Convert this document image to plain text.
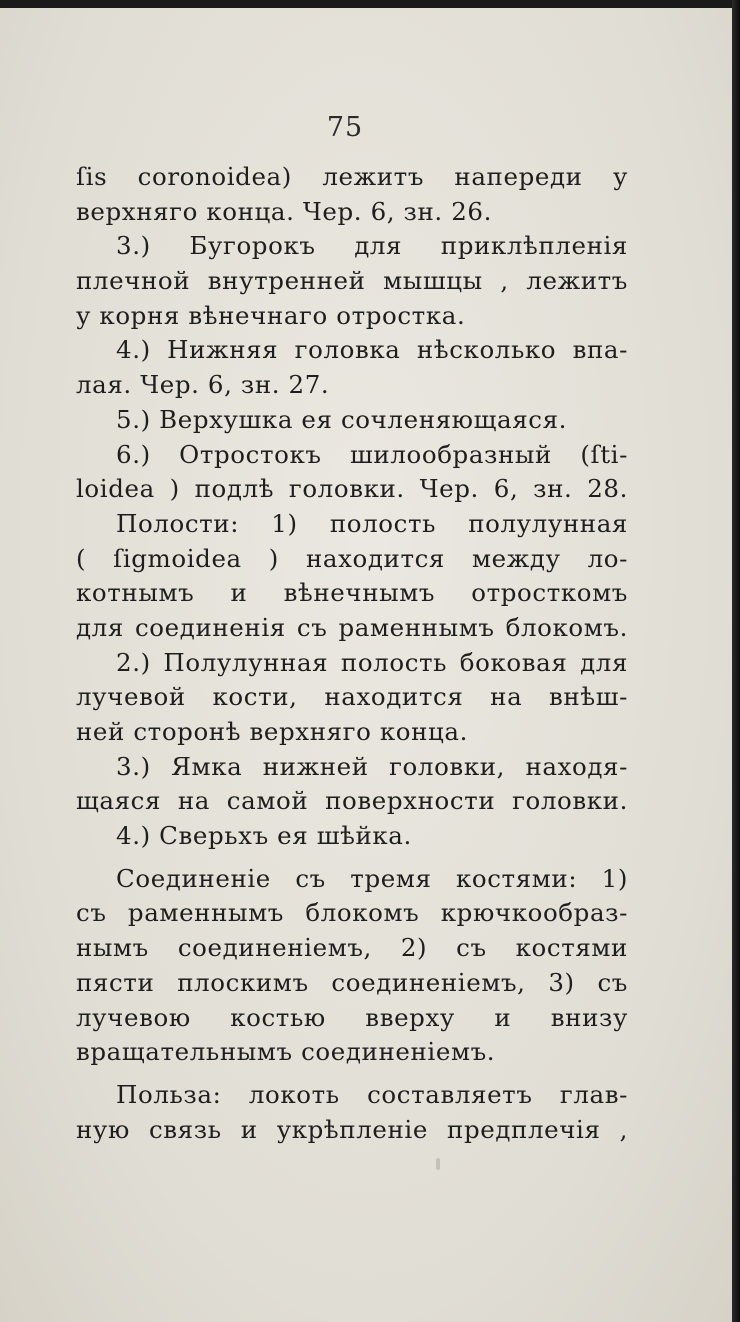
75
ſis coronoidea) лежитъ напереди у
верхняго конца. Чер. 6, зн. 26.
3.) Бугорокъ для приклѣпленія
плечной внутренней мышцы , лежитъ
у корня вѣнечнаго отростка.
4.) Нижняя головка нѣсколько впа-
лая. Чер. 6, зн. 27.
5.) Верхушка ея сочленяющаяся.
6.) Отростокъ шилообразный (ſti-
loidea ) подлѣ головки. Чер. 6, зн. 28.
Полости: 1) полость полулунная
( ſigmoidea ) находится между ло-
котнымъ и вѣнечнымъ отросткомъ
для соединенія съ раменнымъ блокомъ.
2.) Полулунная полость боковая для
лучевой кости, находится на внѣш-
ней сторонѣ верхняго конца.
3.) Ямка нижней головки, находя-
щаяся на самой поверхности головки.
4.) Сверьхъ ея шѣйка.
Соединеніе съ тремя костями: 1)
съ раменнымъ блокомъ крючкообраз-
нымъ соединеніемъ, 2) съ костями
пясти плоскимъ соединеніемъ, 3) съ
лучевою костью вверху и внизу
вращательнымъ соединеніемъ.
Польза: локоть составляетъ глав-
ную связь и укрѣпленіе предплечія ,
